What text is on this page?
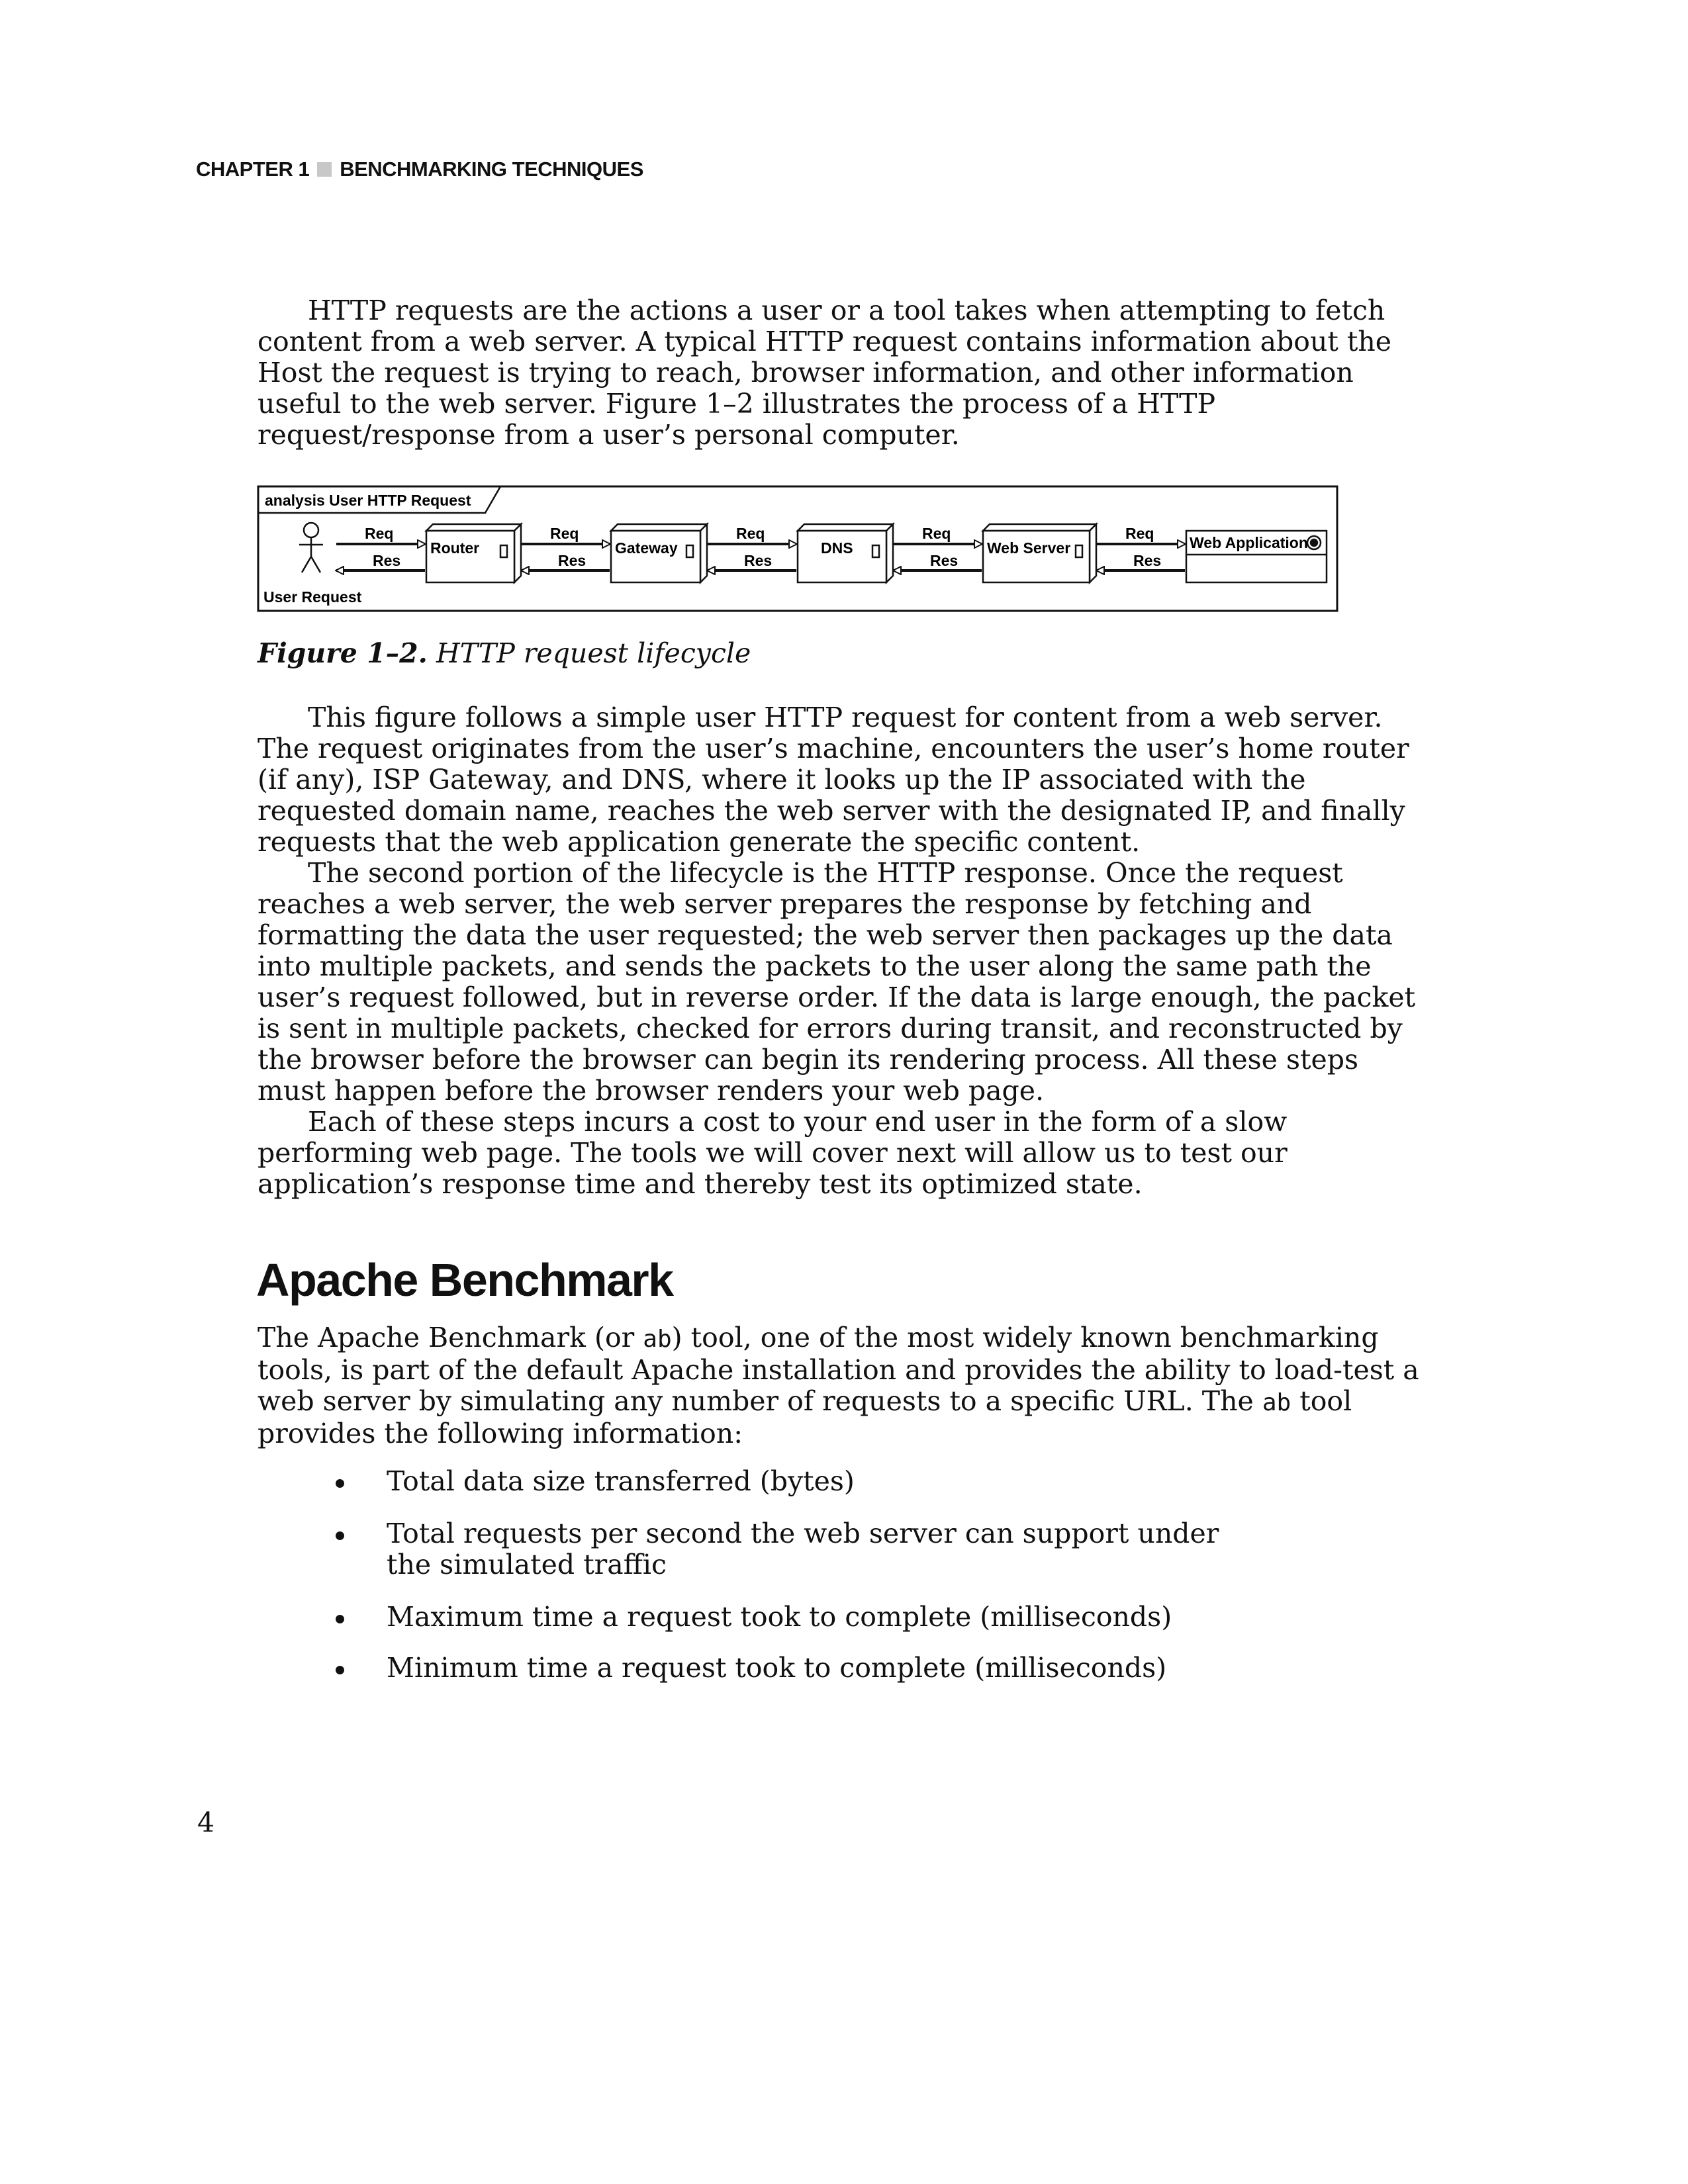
CHAPTER 1 BENCHMARKING TECHNIQUES

HTTP requests are the actions a user or a tool takes when attempting to fetch content from a web server. A typical HTTP request contains information about the Host the request is trying to reach, browser information, and other information useful to the web server. Figure 1–2 illustrates the process of a HTTP request/response from a user’s personal computer.

analysis User HTTP Request
User Request
Req
Res
Req
Res
Req
Res
Req
Res
Req
Res
Router	Gateway	DNS	Web Server	Web Application
Figure 1–2. HTTP request lifecycle

This figure follows a simple user HTTP request for content from a web server. The request originates from the user’s machine, encounters the user’s home router (if any), ISP Gateway, and DNS, where it looks up the IP associated with the requested domain name, reaches the web server with the designated IP, and finally requests that the web application generate the specific content.

The second portion of the lifecycle is the HTTP response. Once the request reaches a web server, the web server prepares the response by fetching and formatting the data the user requested; the web server then packages up the data into multiple packets, and sends the packets to the user along the same path the user’s request followed, but in reverse order. If the data is large enough, the packet is sent in multiple packets, checked for errors during transit, and reconstructed by the browser before the browser can begin its rendering process. All these steps must happen before the browser renders your web page.

Each of these steps incurs a cost to your end user in the form of a slow performing web page. The tools we will cover next will allow us to test our application’s response time and thereby test its optimized state.

Apache Benchmark

The Apache Benchmark (or ab) tool, one of the most widely known benchmarking tools, is part of the default Apache installation and provides the ability to load-test a web server by simulating any number of requests to a specific URL. The ab tool provides the following information:

Total data size transferred (bytes)
Total requests per second the web server can support under the simulated traffic
Maximum time a request took to complete (milliseconds)
Minimum time a request took to complete (milliseconds)
4
